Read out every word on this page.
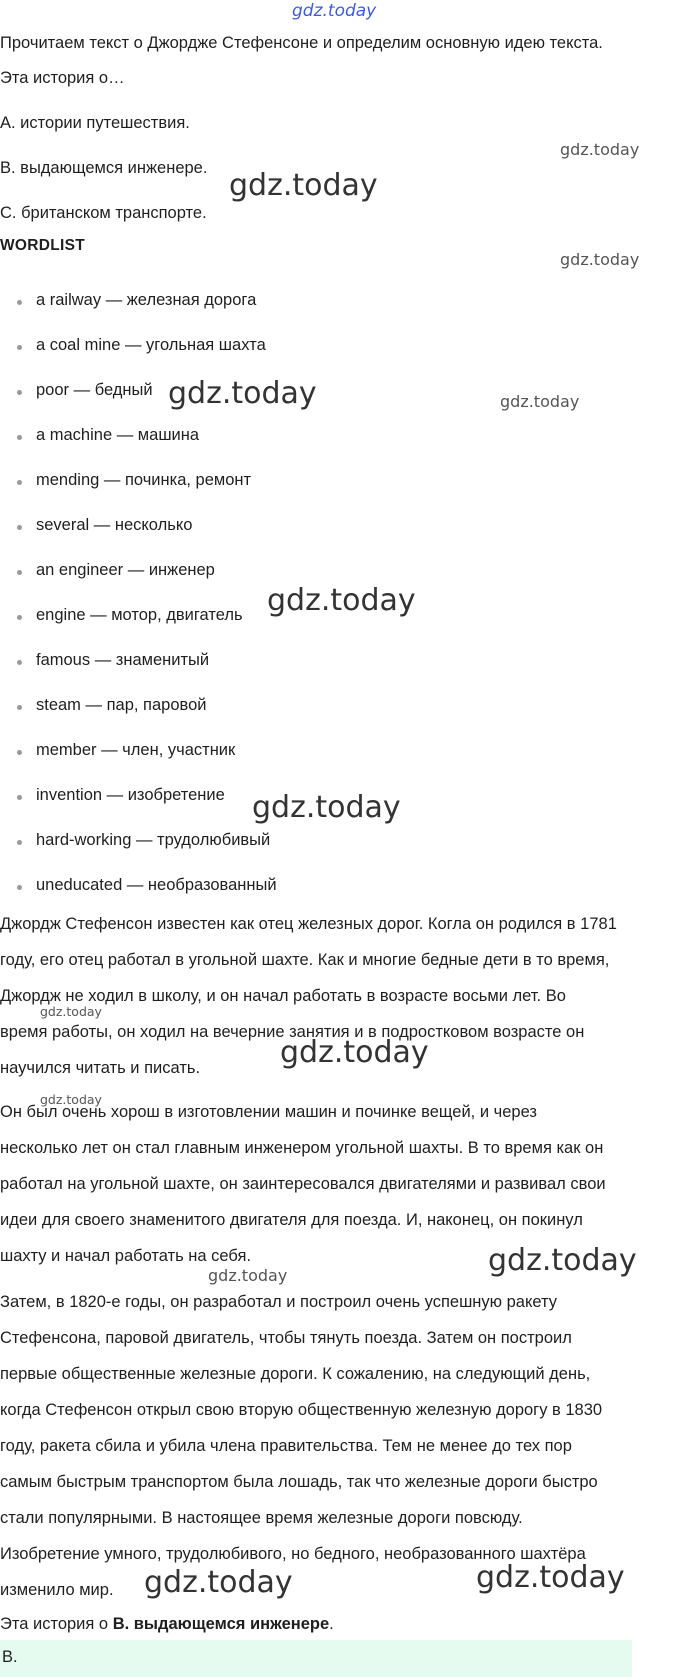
gdz.today
Прочитаем текст о Джордже Стефенсоне и определим основную идею текста.
Эта история о…
A. истории путешествия.
B. выдающемся инженере.
C. британском транспорте.
WORDLIST
a railway — железная дорога
a coal mine — угольная шахта
poor — бедный
a machine — машина
mending — починка, ремонт
several — несколько
an engineer — инженер
engine — мотор, двигатель
famous — знаменитый
steam — пар, паровой
member — член, участник
invention — изобретение
hard-working — трудолюбивый
uneducated — необразованный
Джордж Стефенсон известен как отец железных дорог. Когла он родился в 1781
году, его отец работал в угольной шахте. Как и многие бедные дети в то время,
Джордж не ходил в школу, и он начал работать в возрасте восьми лет. Во
время работы, он ходил на вечерние занятия и в подростковом возрасте он
научился читать и писать.
Он был очень хорош в изготовлении машин и починке вещей, и через
несколько лет он стал главным инженером угольной шахты. В то время как он
работал на угольной шахте, он заинтересовался двигателями и развивал свои
идеи для своего знаменитого двигателя для поезда. И, наконец, он покинул
шахту и начал работать на себя.
Затем, в 1820-е годы, он разработал и построил очень успешную ракету
Стефенсона, паровой двигатель, чтобы тянуть поезда. Затем он построил
первые общественные железные дороги. К сожалению, на следующий день,
когда Стефенсон открыл свою вторую общественную железную дорогу в 1830
году, ракета сбила и убила члена правительства. Тем не менее до тех пор
самым быстрым транспортом была лошадь, так что железные дороги быстро
стали популярными. В настоящее время железные дороги повсюду.
Изобретение умного, трудолюбивого, но бедного, необразованного шахтёра
изменило мир.
Эта история о B. выдающемся инженере.
B.
gdz.today
gdz.today
gdz.today
gdz.today	gdz.today
gdz.today
gdz.today
gdz.today
gdz.today
gdz.today
gdz.today
gdz.today
gdz.today	gdz.today
